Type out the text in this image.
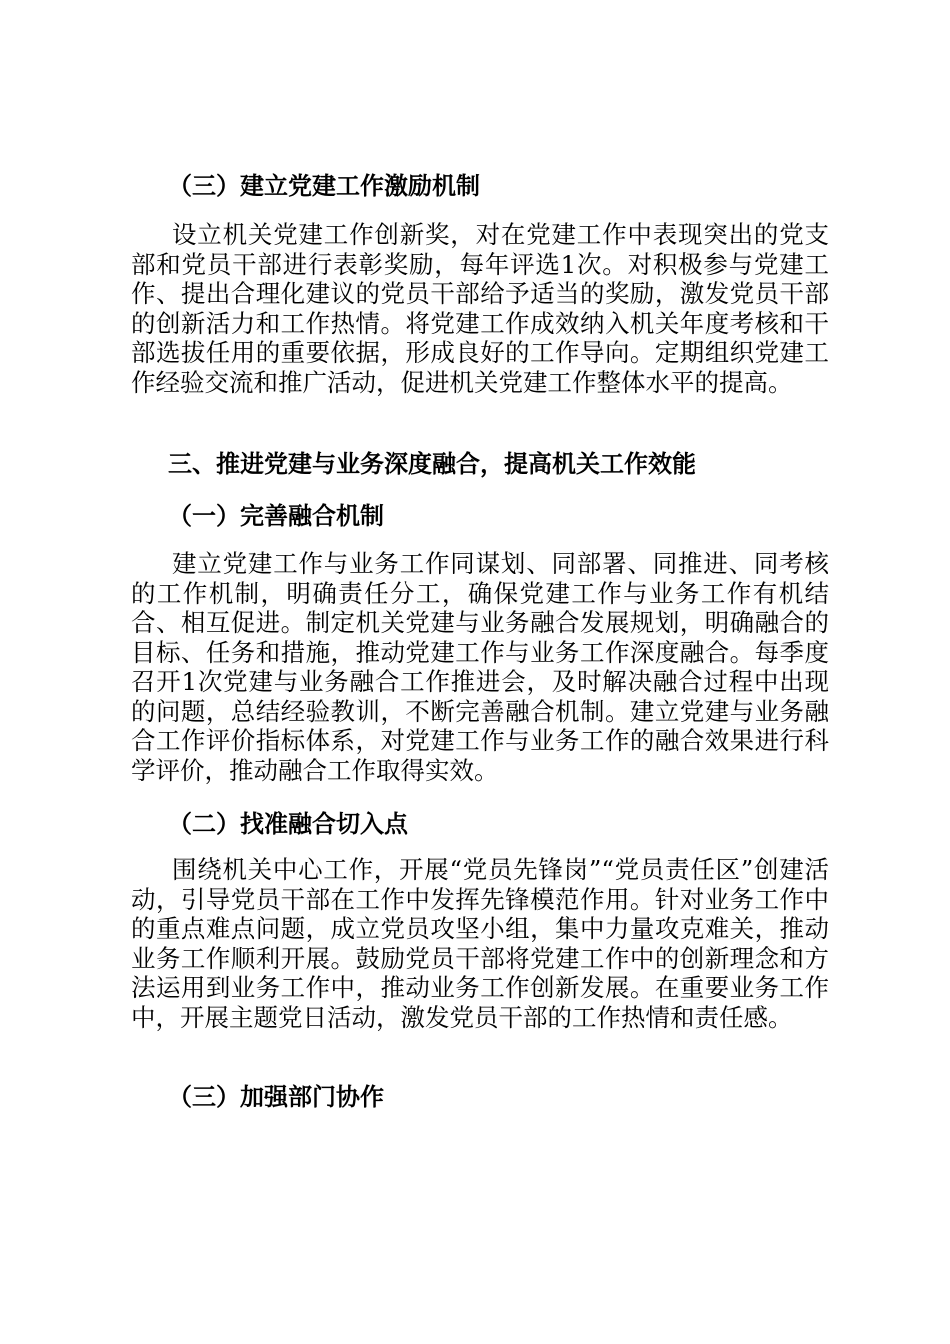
（三）建立党建工作激励机制

设立机关党建工作创新奖，对在党建工作中表现突出的党支部和党员干部进行表彰奖励，每年评选1次。对积极参与党建工作、提出合理化建议的党员干部给予适当的奖励，激发党员干部的创新活力和工作热情。将党建工作成效纳入机关年度考核和干部选拔任用的重要依据，形成良好的工作导向。定期组织党建工作经验交流和推广活动，促进机关党建工作整体水平的提高。

三、推进党建与业务深度融合，提高机关工作效能
（一）完善融合机制

建立党建工作与业务工作同谋划、同部署、同推进、同考核的工作机制，明确责任分工，确保党建工作与业务工作有机结合、相互促进。制定机关党建与业务融合发展规划，明确融合的目标、任务和措施，推动党建工作与业务工作深度融合。每季度召开1次党建与业务融合工作推进会，及时解决融合过程中出现的问题，总结经验教训，不断完善融合机制。建立党建与业务融合工作评价指标体系，对党建工作与业务工作的融合效果进行科学评价，推动融合工作取得实效。

（二）找准融合切入点

围绕机关中心工作，开展“党员先锋岗”“党员责任区”创建活动，引导党员干部在工作中发挥先锋模范作用。针对业务工作中的重点难点问题，成立党员攻坚小组，集中力量攻克难关，推动业务工作顺利开展。鼓励党员干部将党建工作中的创新理念和方法运用到业务工作中，推动业务工作创新发展。在重要业务工作中，开展主题党日活动，激发党员干部的工作热情和责任感。

（三）加强部门协作
